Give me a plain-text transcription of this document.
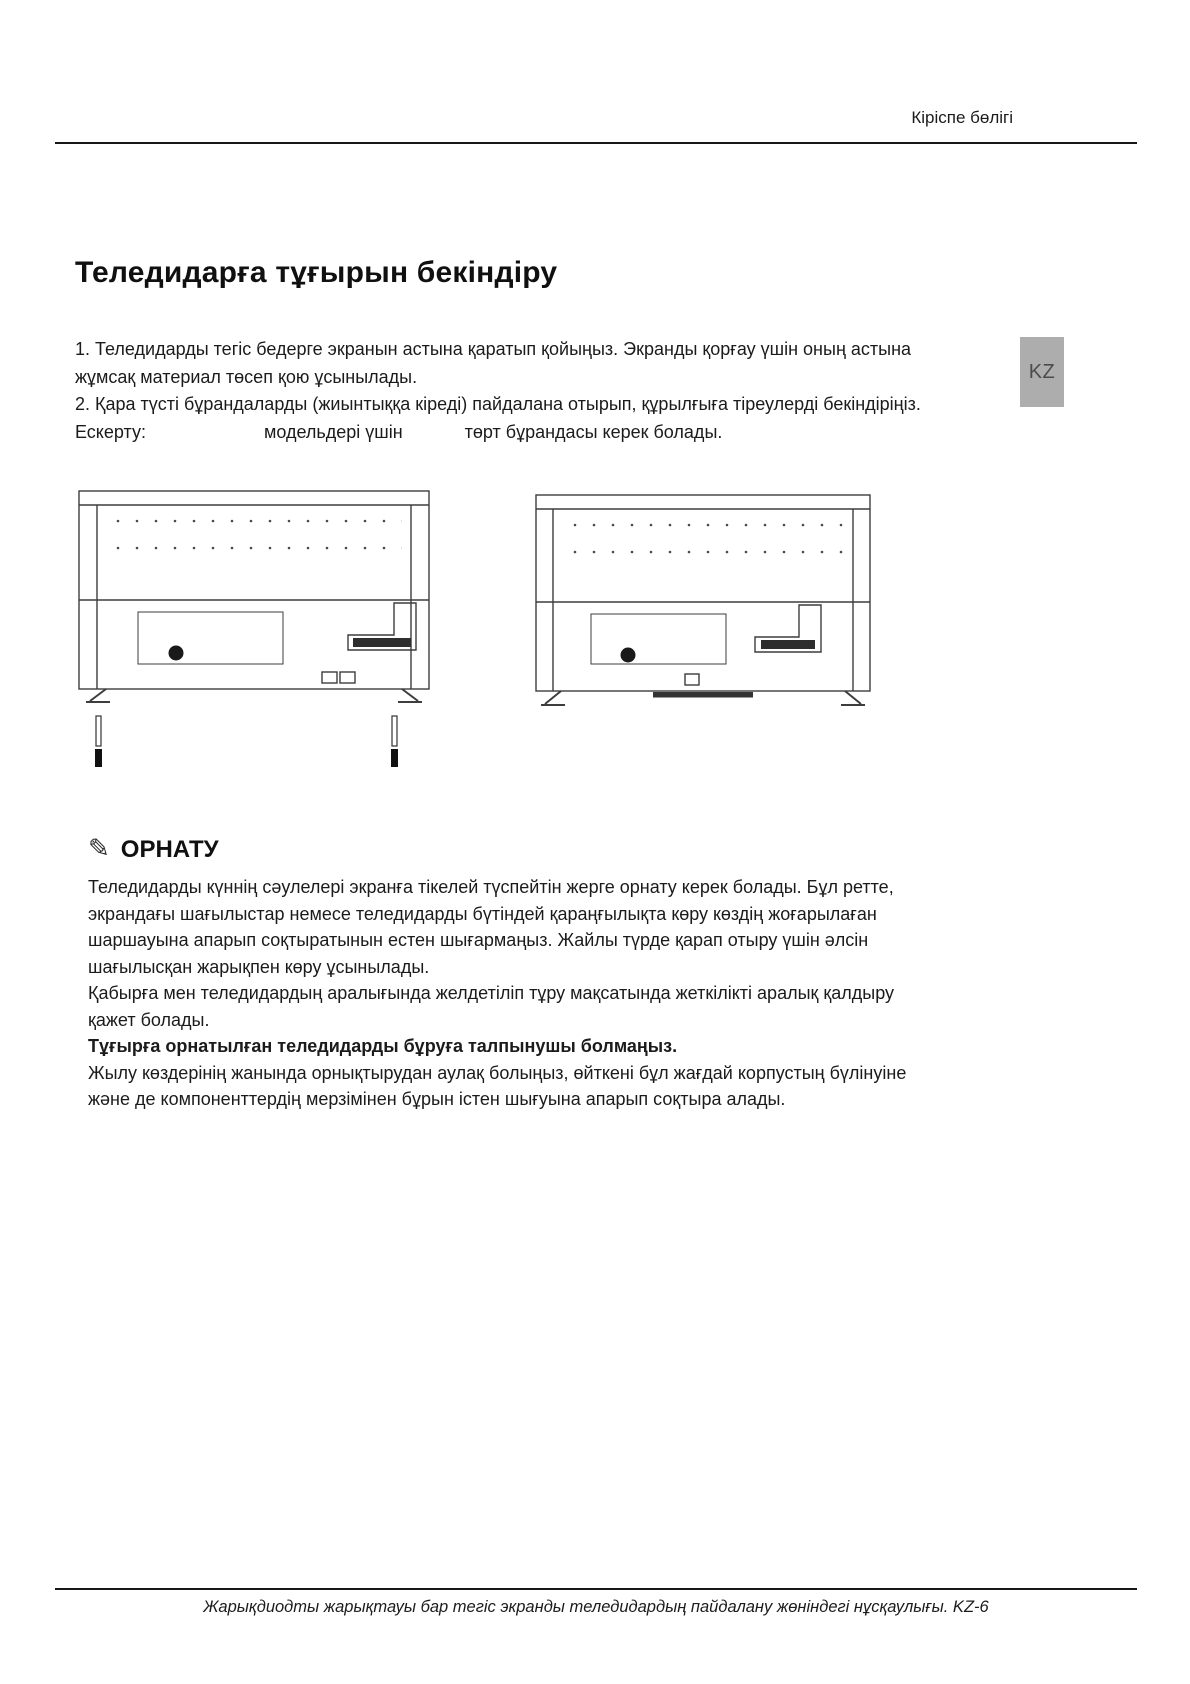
Кіріспе бөлігі
KZ
Теледидарға тұғырын бекіндіру

1. Теледидарды тегіс бедерге экранын астына қаратып қойыңыз. Экранды қорғау үшін оның астына жұмсақ материал төсеп қою ұсынылады.

2. Қара түсті бұрандаларды (жиынтыққа кіреді) пайдалана отырып, құрылғыға тіреулерді бекіндіріңіз.  Ескерту:	модельдері үшін	төрт бұрандасы керек болады.

✎ ОРНАТУ

Теледидарды күннің сәулелері экранға тікелей түспейтін жерге орнату керек болады. Бұл ретте, экрандағы шағылыстар немесе теледидарды бүтіндей қараңғылықта көру көздің жоғарылаған шаршауына апарып соқтыратынын естен шығармаңыз. Жайлы түрде қарап отыру үшін әлсін шағылысқан жарықпен көру ұсынылады.

Қабырға мен теледидардың аралығында желдетіліп тұру мақсатында жеткілікті аралық қалдыру қажет болады.

Тұғырға орнатылған теледидарды бұруға талпынушы болмаңыз.

Жылу көздерінің жанында орнықтырудан аулақ болыңыз, өйткені бұл жағдай корпустың бүлінуіне және де компоненттердің мерзімінен бұрын істен шығуына апарып соқтыра алады.

Жарықдиодты жарықтауы бар тегіс экранды теледидардың пайдалану жөніндегі нұсқаулығы. KZ-6
